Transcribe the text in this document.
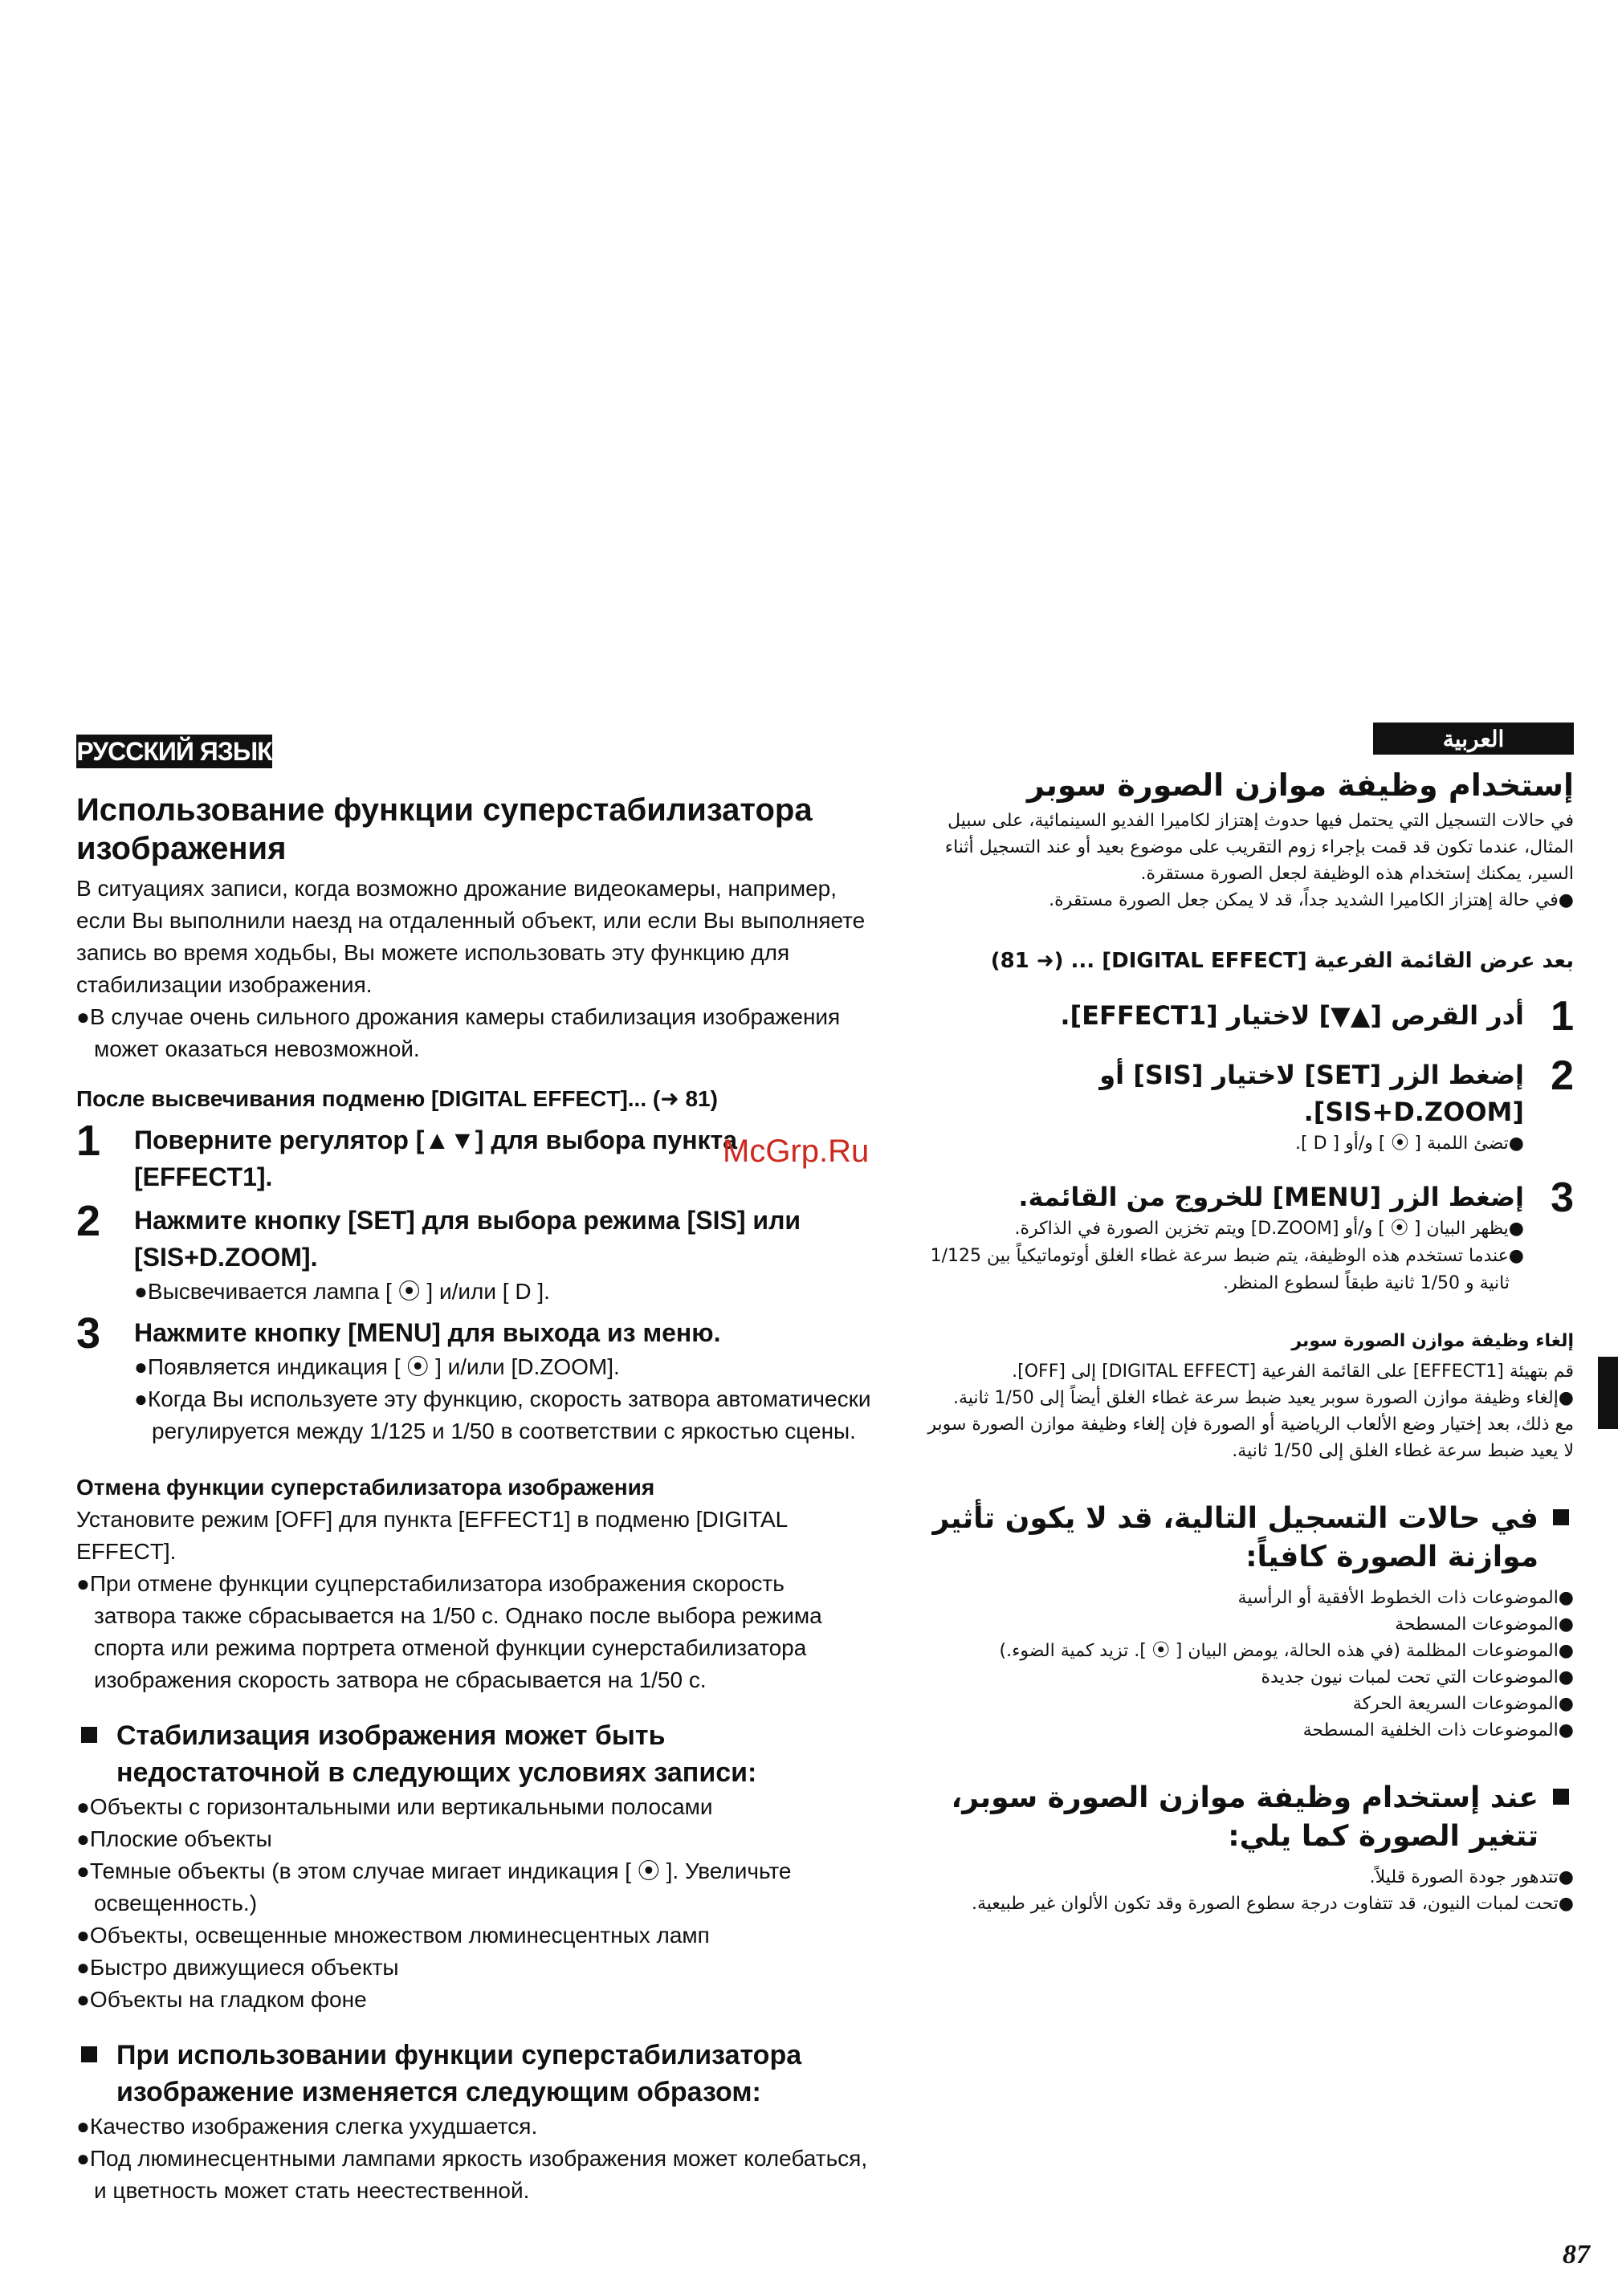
РУССКИЙ ЯЗЫК
Использование функции суперстабилизатора изображения

В ситуациях записи, когда возможно дрожание видеокамеры, например, если Вы выполнили наезд на отдаленный объект, или если Вы выполняете запись во время ходьбы, Вы можете использовать эту функцию для стабилизации изображения.

●В случае очень сильного дрожания камеры стабилизация изображения может оказаться невозможной.

После высвечивания подменю [DIGITAL EFFECT]... (➜ 81)
1	Поверните регулятор [▲▼] для выбора пункта [EFFECT1].
2	Нажмите кнопку [SET] для выбора режима [SIS] или [SIS+D.ZOOM].
●Высвечивается лампа [ ⦿ ] и/или [ D ].
3	Нажмите кнопку [MENU] для выхода из меню.
●Появляется индикация [ ⦿ ] и/или [D.ZOOM].
●Когда Вы используете эту функцию, скорость затвора автоматически регулируется между 1/125 и 1/50 в соответствии с яркостью сцены.
Отмена функции суперстабилизатора изображения

Установите режим [OFF] для пункта [EFFECT1] в подменю [DIGITAL EFFECT].

●При отмене функции суцперстабилизатора изображения скорость затвора также сбрасывается на 1/50 с. Однако после выбора режима спорта или режима портрета отменой функции сунерстабилизатора изображения скорость затвора не сбрасывается на 1/50 с.

Стабилизация изображения может быть недостаточной в следующих условиях записи:

●Объекты с горизонтальными или вертикальными полосами

●Плоские объекты

●Темные объекты (в этом случае мигает индикация [ ⦿ ]. Увеличьте освещенность.)

●Объекты, освещенные множеством люминесцентных ламп

●Быстро движущиеся объекты

●Объекты на гладком фоне

При использовании функции суперстабилизатора изображение изменяется следующим образом:

●Качество изображения слегка ухудшается.

●Под люминесцентными лампами яркость изображения может колебаться, и цветность может стать неестественной.

العربية
إستخدام وظيفة موازن الصورة سوبر

في حالات التسجيل التي يحتمل فيها حدوث إهتزاز لكاميرا الفديو السينمائية، على سبيل المثال، عندما تكون قد قمت بإجراء زوم التقريب على موضوع بعيد أو عند التسجيل أثناء السير، يمكنك إستخدام هذه الوظيفة لجعل الصورة مستقرة.

●في حالة إهتزاز الكاميرا الشديد جداً، قد لا يمكن جعل الصورة مستقرة.

بعد عرض القائمة الفرعية [DIGITAL EFFECT] ... (➜ 81)
1
أدر القرص [▲▼] لاختيار [EFFECT1].
2
إضغط الزر [SET] لاختيار [SIS] أو [SIS+D.ZOOM].
●تضئ اللمبة [ ⦿ ] و/أو [ D ].
3
إضغط الزر [MENU] للخروج من القائمة.
●يظهر البيان [ ⦿ ] و/أو [D.ZOOM] ويتم تخزين الصورة في الذاكرة.
●عندما تستخدم هذه الوظيفة، يتم ضبط سرعة غطاء الغلق أوتوماتيكياً بين 1/125 ثانية و 1/50 ثانية طبقاً لسطوع المنظر.
إلغاء وظيفة موازن الصورة سوبر

قم بتهيئة [EFFECT1] على القائمة الفرعية [DIGITAL EFFECT] إلى [OFF].

●إلغاء وظيفة موازن الصورة سوبر يعيد ضبط سرعة غطاء الغلق أيضاً إلى 1/50 ثانية.

مع ذلك، بعد إختيار وضع الألعاب الرياضية أو الصورة فإن إلغاء وظيفة موازن الصورة سوبر لا يعيد ضبط سرعة غطاء الغلق إلى 1/50 ثانية.

في حالات التسجيل التالية، قد لا يكون تأثير موازنة الصورة كافياً:

●الموضوعات ذات الخطوط الأفقية أو الرأسية

●الموضوعات المسطحة

●الموضوعات المظلمة (في هذه الحالة، يومض البيان [ ⦿ ]. تزيد كمية الضوء.)

●الموضوعات التي تحت لمبات نيون جديدة

●الموضوعات السريعة الحركة

●الموضوعات ذات الخلفية المسطحة

عند إستخدام وظيفة موازن الصورة سوبر، تتغير الصورة كما يلي:

●تتدهور جودة الصورة قليلاً.

●تحت لمبات النيون، قد تتفاوت درجة سطوع الصورة وقد تكون الألوان غير طبيعية.

McGrp.Ru
87
